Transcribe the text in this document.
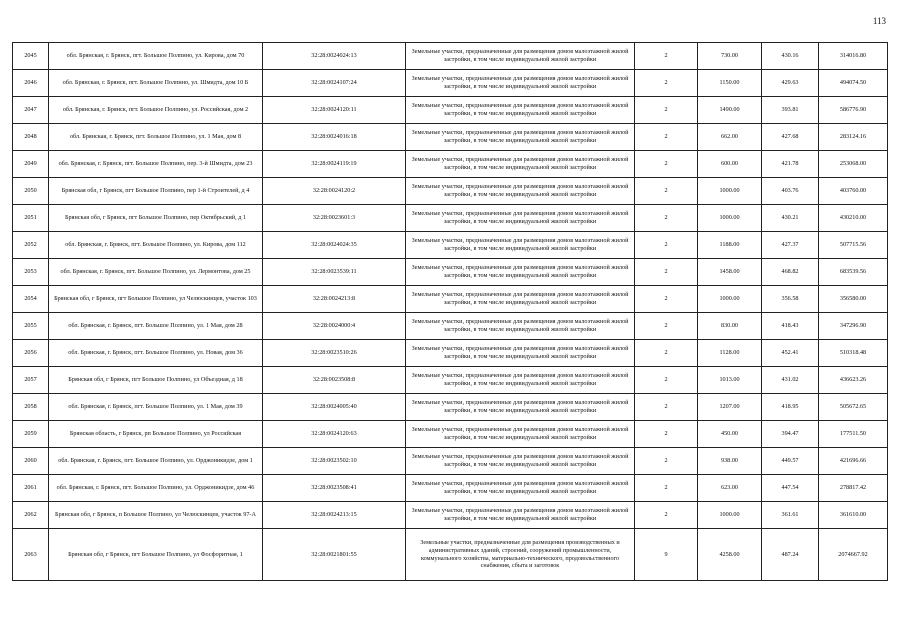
113
2045	обл. Брянская, г. Брянск, пгт. Большое Полпино, ул. Кирова, дом 70	32:28:0024024:13	Земельные участки, предназначенные для размещения домов малоэтажной жилой застройки, в том числе индивидуальной жилой застройки	2	730.00	430.16	314016.80
2046	обл. Брянская, г. Брянск, пгт. Большое Полпино, ул. Шмидта, дом 10 Б	32:28:0024107:24	Земельные участки, предназначенные для размещения домов малоэтажной жилой застройки, в том числе индивидуальной жилой застройки	2	1150.00	429.63	494074.50
2047	обл. Брянская, г. Брянск, пгт. Большое Полпино, ул. Российская, дом 2	32:28:0024120:11	Земельные участки, предназначенные для размещения домов малоэтажной жилой застройки, в том числе индивидуальной жилой застройки	2	1490.00	393.81	586776.90
2048	обл. Брянская, г. Брянск, пгт. Большое Полпино, ул. 1 Мая, дом 8	32:28:0024016:18	Земельные участки, предназначенные для размещения домов малоэтажной жилой застройки, в том числе индивидуальной жилой застройки	2	662.00	427.68	283124.16
2049	обл. Брянская, г. Брянск, пгт. Большое Полпино, пер. 3-й Шмидта, дом 23	32:28:0024119:19	Земельные участки, предназначенные для размещения домов малоэтажной жилой застройки, в том числе индивидуальной жилой застройки	2	600.00	421.78	253068.00
2050	Брянская обл, г Брянск, пгт Большое Полпино, пер 1-й Строителей, д 4	32:28:0024120:2	Земельные участки, предназначенные для размещения домов малоэтажной жилой застройки, в том числе индивидуальной жилой застройки	2	1000.00	403.76	403760.00
2051	Брянская обл, г Брянск, пгт Большое Полпино, пер Октябрьский, д 1	32:28:0023601:3	Земельные участки, предназначенные для размещения домов малоэтажной жилой застройки, в том числе индивидуальной жилой застройки	2	1000.00	430.21	430210.00
2052	обл. Брянская, г. Брянск, пгт. Большое Полпино, ул. Кирова, дом 112	32:28:0024024:35	Земельные участки, предназначенные для размещения домов малоэтажной жилой застройки, в том числе индивидуальной жилой застройки	2	1188.00	427.37	507715.56
2053	обл. Брянская, г. Брянск, пгт. Большое Полпино, ул. Лермонтова, дом 25	32:28:0023539:11	Земельные участки, предназначенные для размещения домов малоэтажной жилой застройки, в том числе индивидуальной жилой застройки	2	1458.00	468.82	683539.56
2054	Брянская обл, г Брянск, пгт Большое Полпино, ул Челюскинцев, участок 103	32:28:0024213:8	Земельные участки, предназначенные для размещения домов малоэтажной жилой застройки, в том числе индивидуальной жилой застройки	2	1000.00	356.58	356580.00
2055	обл. Брянская, г. Брянск, пгт. Большое Полпино, ул. 1 Мая, дом 28	32:28:0024000:4	Земельные участки, предназначенные для размещения домов малоэтажной жилой застройки, в том числе индивидуальной жилой застройки	2	830.00	418.43	347296.90
2056	обл. Брянская, г. Брянск, пгт. Большое Полпино, ул. Новая, дом 36	32:28:0023510:26	Земельные участки, предназначенные для размещения домов малоэтажной жилой застройки, в том числе индивидуальной жилой застройки	2	1128.00	452.41	510318.48
2057	Брянская обл, г Брянск, пгт Большое Полпино, ул Объездная, д 18	32:28:0023508:8	Земельные участки, предназначенные для размещения домов малоэтажной жилой застройки, в том числе индивидуальной жилой застройки	2	1013.00	431.02	436623.26
2058	обл. Брянская, г. Брянск, пгт. Большое Полпино, ул. 1 Мая, дом 39	32:28:0024005:40	Земельные участки, предназначенные для размещения домов малоэтажной жилой застройки, в том числе индивидуальной жилой застройки	2	1207.00	418.95	505672.65
2059	Брянская область, г Брянск, рп Большое Полпино, ул Российская	32:28:0024120:63	Земельные участки, предназначенные для размещения домов малоэтажной жилой застройки, в том числе индивидуальной жилой застройки	2	450.00	394.47	177511.50
2060	обл. Брянская, г. Брянск, пгт. Большое Полпино, ул. Орджоникидзе, дом 1	32:28:0023502:10	Земельные участки, предназначенные для размещения домов малоэтажной жилой застройки, в том числе индивидуальной жилой застройки	2	938.00	449.57	421696.66
2061	обл. Брянская, г. Брянск, пгт. Большое Полпино, ул. Орджоникидзе, дом 46	32:28:0023508:41	Земельные участки, предназначенные для размещения домов малоэтажной жилой застройки, в том числе индивидуальной жилой застройки	2	623.00	447.54	278817.42
2062	Брянская обл, г Брянск, п Большое Полпино, ул Челюскинцев, участок 97-А	32:28:0024213:15	Земельные участки, предназначенные для размещения домов малоэтажной жилой застройки, в том числе индивидуальной жилой застройки	2	1000.00	361.61	361610.00
2063	Брянская обл, г Брянск, пгт Большое Полпино, ул Фосфоритная, 1	32:28:0021801:55	Земельные участки, предназначенные для размещения производственных и административных зданий, строений, сооружений промышленности, коммунального хозяйства, материально-технического, продовольственного снабжения, сбыта и заготовок	9	4258.00	487.24	2074667.92
